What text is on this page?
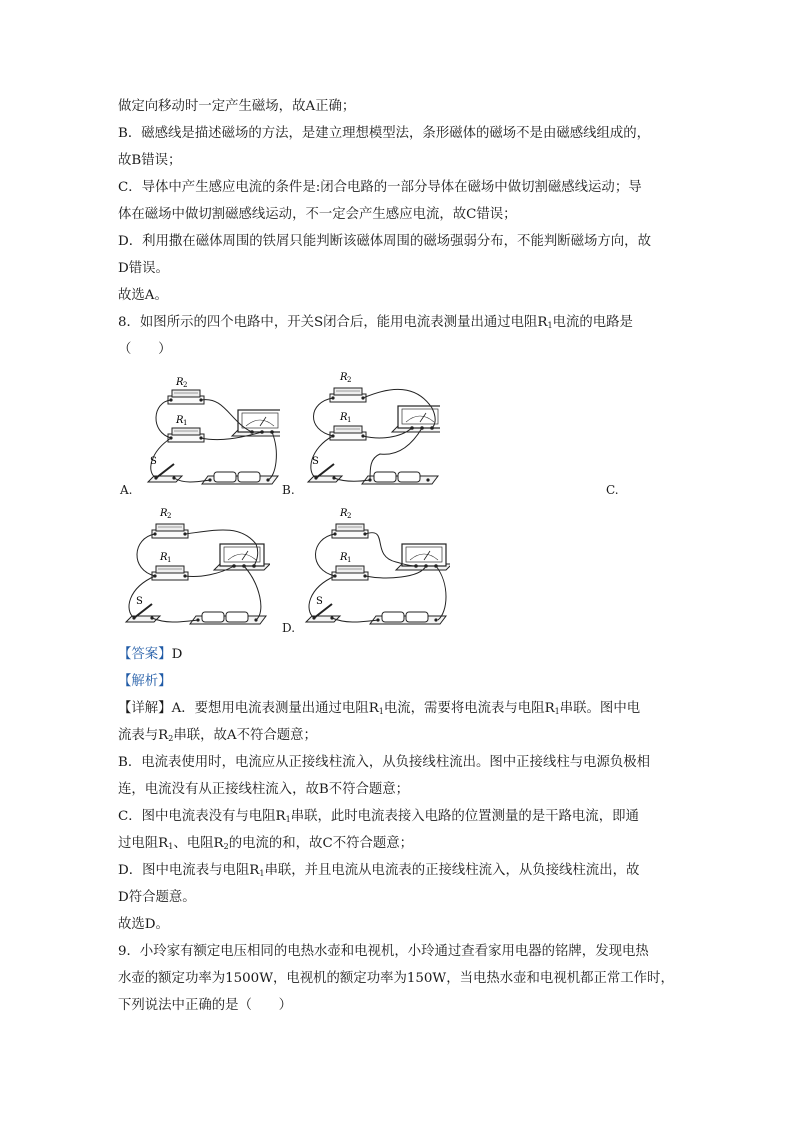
做定向移动时一定产生磁场，故A正确；
B．磁感线是描述磁场的方法，是建立理想模型法，条形磁体的磁场不是由磁感线组成的，
故B错误；
C．导体中产生感应电流的条件是:闭合电路的一部分导体在磁场中做切割磁感线运动；导
体在磁场中做切割磁感线运动，不一定会产生感应电流，故C错误；
D．利用撒在磁体周围的铁屑只能判断该磁体周围的磁场强弱分布，不能判断磁场方向，故
D错误。
故选A。
8．如图所示的四个电路中，开关S闭合后，能用电流表测量出通过电阻$R_1$电流的电路是
（　　）
R 2
R 1
S
A.
R 2
R 1
S
B.	C.
R 2
R 1
S
R 2
R 1
S
D.
【答案】D
【解析】
【详解】A．要想用电流表测量出通过电阻$R_1$电流，需要将电流表与电阻$R_1$串联。图中电
流表与$R_2$串联，故A不符合题意；
B．电流表使用时，电流应从正接线柱流入，从负接线柱流出。图中正接线柱与电源负极相
连，电流没有从正接线柱流入，故B不符合题意；
C．图中电流表没有与电阻$R_1$串联，此时电流表接入电路的位置测量的是干路电流，即通
过电阻$R_1$、电阻$R_2$的电流的和，故C不符合题意；
D．图中电流表与电阻$R_1$串联，并且电流从电流表的正接线柱流入，从负接线柱流出，故
D符合题意。
故选D。
9．小玲家有额定电压相同的电热水壶和电视机，小玲通过查看家用电器的铭牌，发现电热
水壶的额定功率为1500W，电视机的额定功率为150W，当电热水壶和电视机都正常工作时，
下列说法中正确的是（　　）
